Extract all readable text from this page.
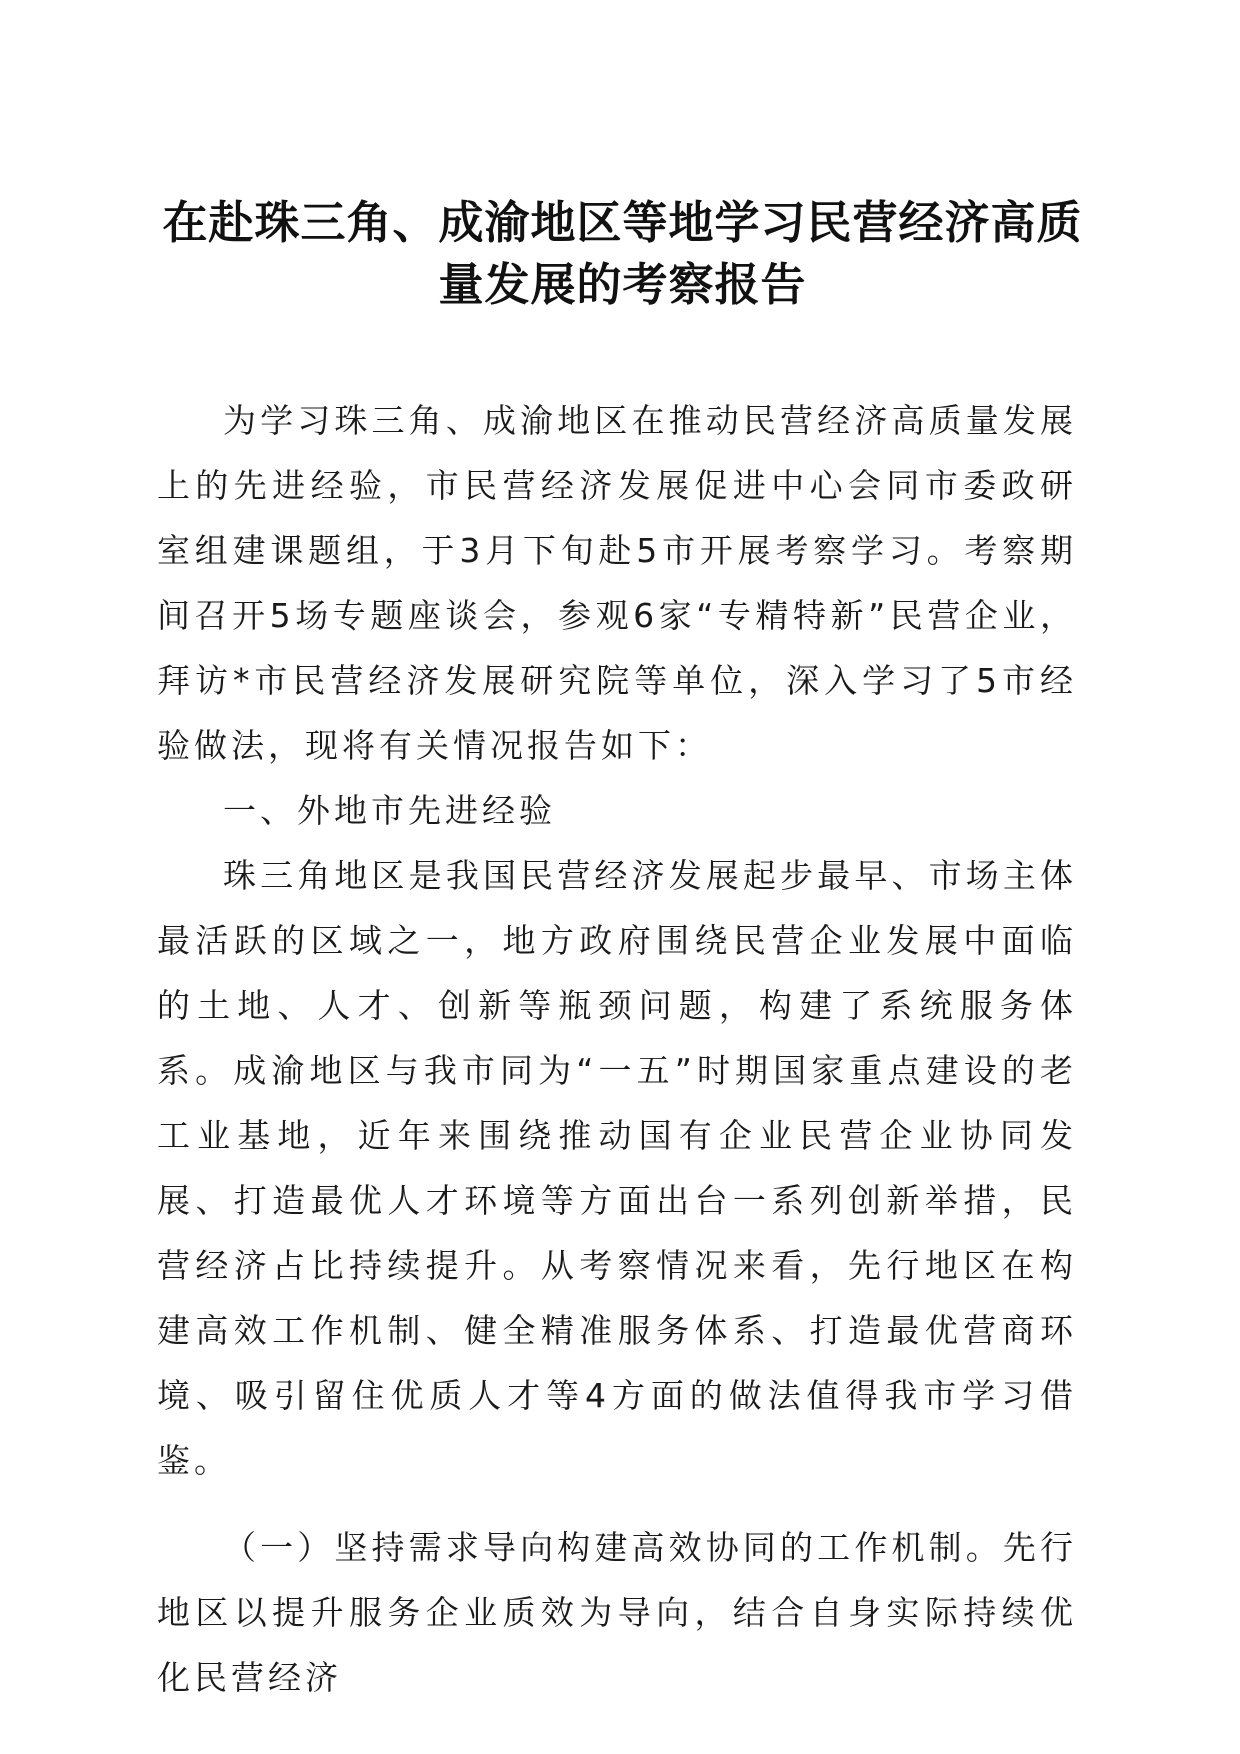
在赴珠三角、成渝地区等地学习民营经济高质
量发展的考察报告

为学习珠三角、成渝地区在推动民营经济高质量发展上的先进经验，市民营经济发展促进中心会同市委政研室组建课题组，于3月下旬赴5市开展考察学习。考察期间召开5场专题座谈会，参观6家“专精特新”民营企业，拜访*市民营经济发展研究院等单位，深入学习了5市经验做法，现将有关情况报告如下：

一、外地市先进经验

珠三角地区是我国民营经济发展起步最早、市场主体最活跃的区域之一，地方政府围绕民营企业发展中面临的土地、人才、创新等瓶颈问题，构建了系统服务体系。成渝地区与我市同为“一五”时期国家重点建设的老工业基地，近年来围绕推动国有企业民营企业协同发展、打造最优人才环境等方面出台一系列创新举措，民营经济占比持续提升。从考察情况来看，先行地区在构建高效工作机制、健全精准服务体系、打造最优营商环境、吸引留住优质人才等4方面的做法值得我市学习借鉴。

（一）坚持需求导向构建高效协同的工作机制。先行地区以提升服务企业质效为导向，结合自身实际持续优化民营经济
